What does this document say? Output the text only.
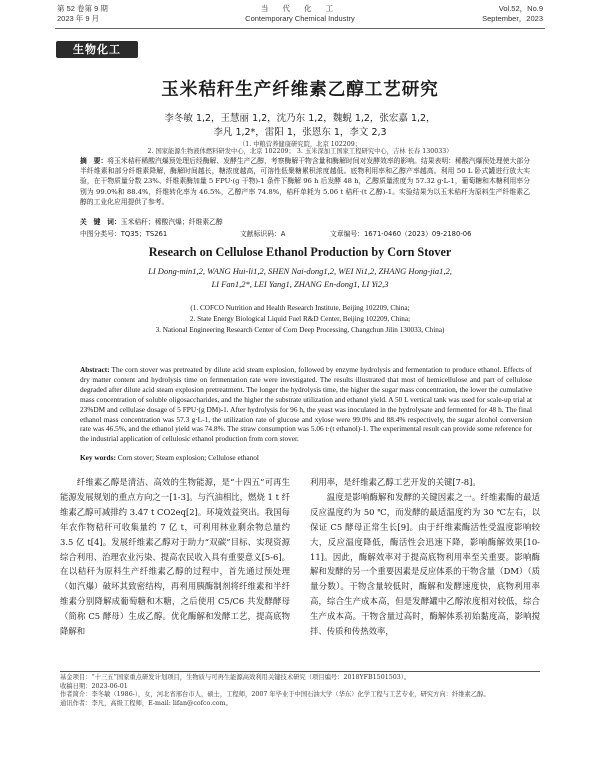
第 52 卷第 9 期
2023 年 9 月
当 代 化 工
Contemporary Chemical Industry
Vol.52，No.9
September，2023
生物化工
玉米秸秆生产纤维素乙醇工艺研究
李冬敏 1,2，王慧丽 1,2，沈乃东 1,2，魏蜺 1,2，张宏嘉 1,2，
李凡 1,2*，雷阳 1，张恩东 1，李文 2,3
（1. 中粮营养健康研究院，北京 102209；
2. 国家能源生物液体燃料研发中心，北京 102209； 3. 玉米深加工国家工程研究中心，吉林 长春 130033）
摘　要：将玉米秸秆稀酸汽爆预处理后经酶解、发酵生产乙醇，考察酶解干物含量和酶解时间对发酵效率的影响。结果表明：稀酸汽爆预处理使大部分半纤维素和部分纤维素降解，酶解时间越长，糖浓度越高，可溶性低聚糖累积浓度越低。底物利用率和乙醇产率越高。利用 50 L 卧式罐进行放大实验，在干物质量分数 23%、纤维素酶加量 5 FPU·(g 干物)-1 条件下酶解 96 h 后发酵 48 h，乙醇质量浓度为 57.32 g·L-1，葡萄糖和木糖利用率分别为 99.0%和 88.4%，纤维转化率为 46.5%，乙醇产率 74.8%，秸秆单耗为 5.06 t 秸秆·(t 乙醇)-1。实验结果为以玉米秸秆为原料生产纤维素乙醇的工业化应用提供了参考。
关　键　词：玉米秸秆；稀酸汽爆；纤维素乙醇
中图分类号：TQ35；TS261	文献标识码：A	文章编号：1671-0460（2023）09-2180-06
Research on Cellulose Ethanol Production by Corn Stover
LI Dong-min1,2, WANG Hui-li1,2, SHEN Nai-dong1,2, WEI Ni1,2, ZHANG Hong-jia1,2,
LI Fan1,2*, LEI Yang1, ZHANG En-dong1, LI Yi2,3
(1. COFCO Nutrition and Health Research Institute, Beijing 102209, China;
2. State Energy Biological Liquid Fuel R&D Center, Beijing 102209, China;
3. National Engineering Research Center of Corn Deep Processing, Changchun Jilin 130033, China)
Abstract: The corn stover was pretreated by dilute acid steam explosion, followed by enzyme hydrolysis and fermentation to produce ethanol. Effects of dry matter content and hydrolysis time on fermentation rate were investigated. The results illustrated that most of hemicellulose and part of cellulose degraded after dilute acid steam explosion pretreatment. The longer the hydrolysis time, the higher the sugar mass concentration, the lower the cumulative mass concentration of soluble oligosaccharides, and the higher the substrate utilization and ethanol yield. A 50 L vertical tank was used for scale-up trial at 23%DM and cellulase dosage of 5 FPU·(g DM)-1. After hydrolysis for 96 h, the yeast was inoculated in the hydrolysate and fermented for 48 h. The final ethanol mass concentration was 57.3 g·L-1, the utilization rate of glucose and xylose were 99.0% and 88.4% respectively, the sugar alcohol conversion rate was 46.5%, and the ethanol yield was 74.8%. The straw consumption was 5.06 t·(t ethanol)-1. The experimental result can provide some reference for the industrial application of cellulosic ethanol production from corn stover.
Key words: Corn stover; Steam explosion; Cellulose ethanol

纤维素乙醇是清洁、高效的生物能源，是“十四五”可再生能源发展规划的重点方向之一[1-3]。与汽油相比，燃烧 1 t 纤维素乙醇可减排约 3.47 t CO2eq[2]。环境效益突出。我国每年农作物秸秆可收集量约 7 亿 t，可利用林业剩余物总量约 3.5 亿 t[4]。发展纤维素乙醇对于助力“双碳”目标、实现资源综合利用、治理农业污染、提高农民收入具有重要意义[5-6]。在以秸秆为原料生产纤维素乙醇的过程中，首先通过预处理（如汽爆）破坏其致密结构，再利用胰酶制剂将纤维素和半纤维素分别降解成葡萄糖和木糖，之后使用 C5/C6 共发酵酵母（简称 C5 酵母）生成乙醇。优化酶解和发酵工艺，提高底物降解和

利用率，是纤维素乙醇工艺开发的关键[7-8]。

温度是影响酶解和发酵的关键因素之一。纤维素酶的最适反应温度约为 50 ℃，而发酵的最适温度约为 30 ℃左右，以保证 C5 酵母正常生长[9]。由于纤维素酶活性受温度影响较大，反应温度降低，酶活性会迅速下降，影响酶解效果[10-11]。因此，酶解效率对于提高底物利用率至关重要。影响酶解和发酵的另一个重要因素是反应体系的干物含量（DM）（质量分数）。干物含量较低时，酶解和发酵速度快，底物利用率高，综合生产成本高，但是发酵罐中乙醇浓度相对较低，综合生产成本高。干物含量过高时，酶解体系初始黏度高，影响搅拌、传质和传热效率，

基金项目：“十三五”国家重点研发计划项目，生物质与可再生能源高效利用关键技术研究（项目编号：2018YFB1501503）。
收稿日期：2023-06-01
作者简介：李冬敏（1986-），女，河北省邢台市人，硕士，工程师，2007 年毕业于中国石油大学（华东）化学工程与工艺专业，研究方向：纤维素乙醇。
通讯作者：李凡，高级工程师，E-mail: lifan@cofco.com。
